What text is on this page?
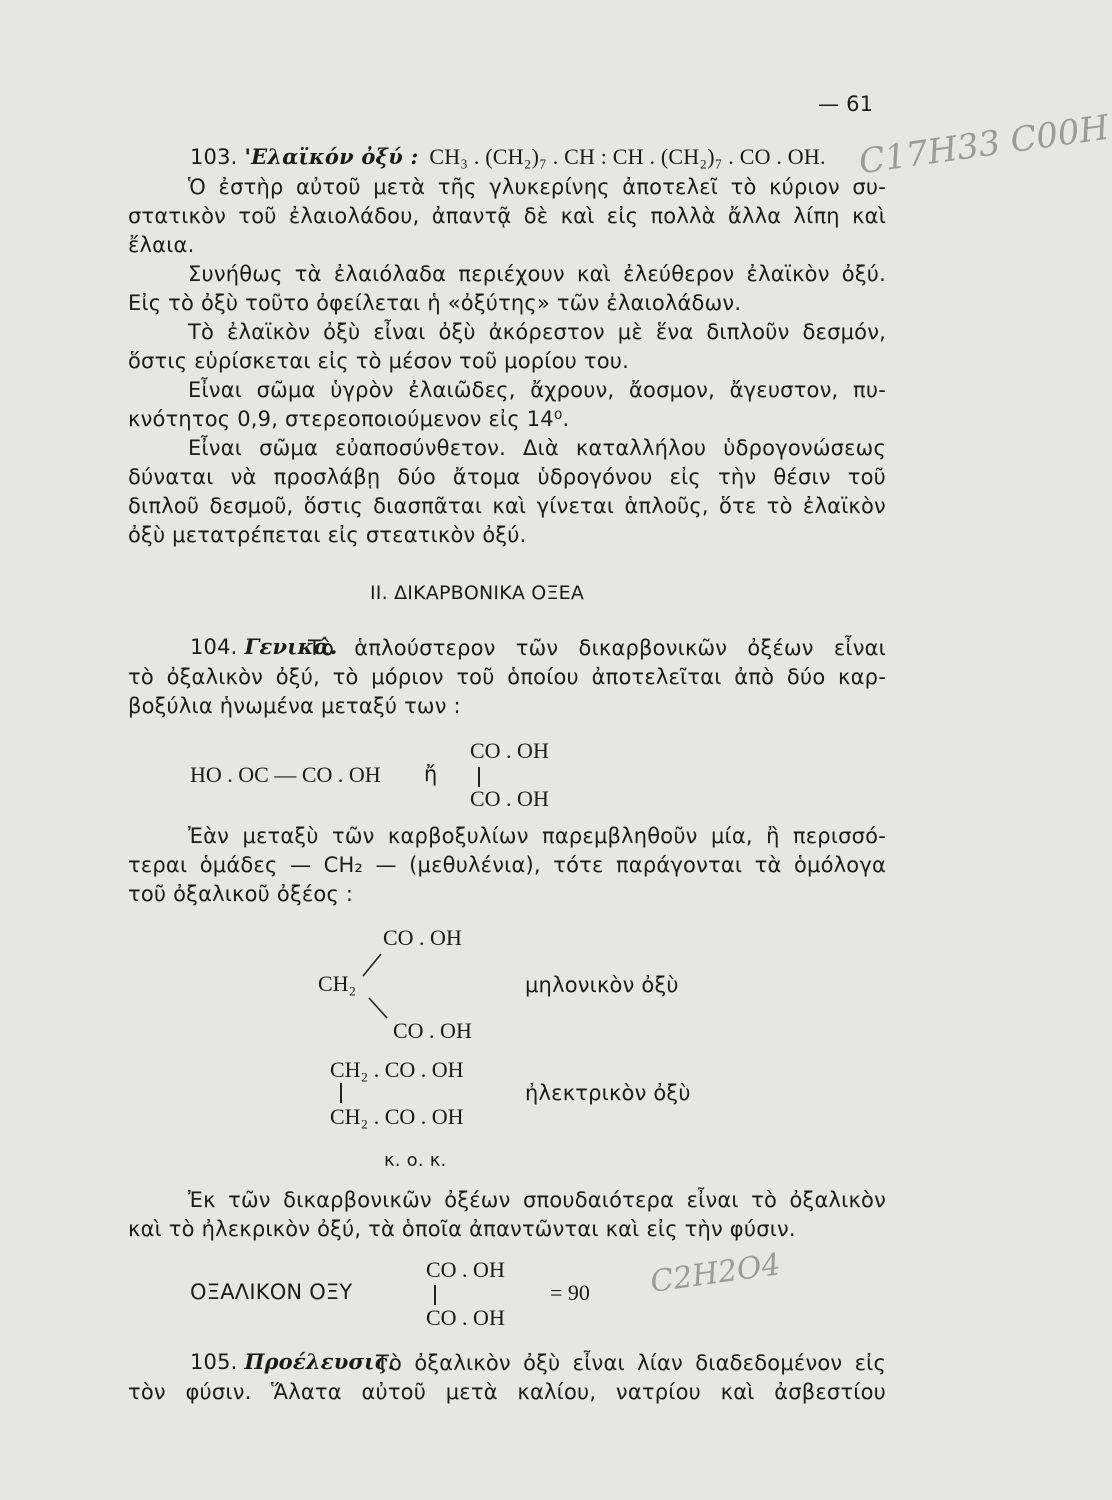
— 61
C17H33 C00H
103. 'Ελαϊκόν ὀξύ : CH₃ . (CH₂)₇ . CH : CH . (CH₂)₇ . CO . OH.
Ὁ ἐστὴρ αὐτοῦ μετὰ τῆς γλυκερίνης ἀποτελεῖ τὸ κύριον συ-
στατικὸν τοῦ ἐλαιολάδου, ἀπαντᾷ δὲ καὶ εἰς πολλὰ ἄλλα λίπη καὶ
ἔλαια.
Συνήθως τὰ ἐλαιόλαδα περιέχουν καὶ ἐλεύθερον ἐλαϊκὸν ὀξύ.
Εἰς τὸ ὀξὺ τοῦτο ὀφείλεται ἡ «ὀξύτης» τῶν ἐλαιολάδων.
Τὸ ἐλαϊκὸν ὀξὺ εἶναι ὀξὺ ἀκόρεστον μὲ ἕνα διπλοῦν δεσμόν,
ὅστις εὑρίσκεται εἰς τὸ μέσον τοῦ μορίου του.
Εἶναι σῶμα ὑγρὸν ἐλαιῶδες, ἄχρουν, ἄοσμον, ἄγευστον, πυ-
κνότητος 0,9, στερεοποιούμενον εἰς 14⁰.
Εἶναι σῶμα εὐαποσύνθετον. Διὰ καταλλήλου ὑδρογονώσεως
δύναται νὰ προσλάβῃ δύο ἄτομα ὑδρογόνου εἰς τὴν θέσιν τοῦ
διπλοῦ δεσμοῦ, ὅστις διασπᾶται καὶ γίνεται ἁπλοῦς, ὅτε τὸ ἐλαϊκὸν
ὀξὺ μετατρέπεται εἰς στεατικὸν ὀξύ.
II. ΔΙΚΑΡΒΟΝΙΚΑ ΟΞΕΑ
104. Γενικά.
Τὸ ἁπλούστερον τῶν δικαρβονικῶν ὀξέων εἶναι
τὸ ὀξαλικὸν ὀξύ, τὸ μόριον τοῦ ὁποίου ἀποτελεῖται ἀπὸ δύο καρ-
βοξύλια ἡνωμένα μεταξύ των :
CO . OH
HO . OC — CO . OH ἤ
CO . OH
Ἐὰν μεταξὺ τῶν καρβοξυλίων παρεμβληθοῦν μία, ἢ περισσό-
τεραι ὁμάδες — CH₂ — (μεθυλένια), τότε παράγονται τὰ ὁμόλογα
τοῦ ὀξαλικοῦ ὀξέος :
CO . OH
CH₂
CO . OH
μηλονικὸν ὀξὺ
CH₂ . CO . OH
CH₂ . CO . OH
ἠλεκτρικὸν ὀξὺ
κ. ο. κ.
Ἐκ τῶν δικαρβονικῶν ὀξέων σπουδαιότερα εἶναι τὸ ὀξαλικὸν
καὶ τὸ ἠλεκρικὸν ὀξύ, τὰ ὁποῖα ἀπαντῶνται καὶ εἰς τὴν φύσιν.
CO . OH
ΟΞΑΛΙΚΟΝ ΟΞΥ	= 90
CO . OH
C2H2O4
105. Προέλευσις.
Τὸ ὀξαλικὸν ὀξὺ εἶναι λίαν διαδεδομένον εἰς
τὸν φύσιν. Ἅλατα αὐτοῦ μετὰ καλίου, νατρίου καὶ ἀσβεστίου
